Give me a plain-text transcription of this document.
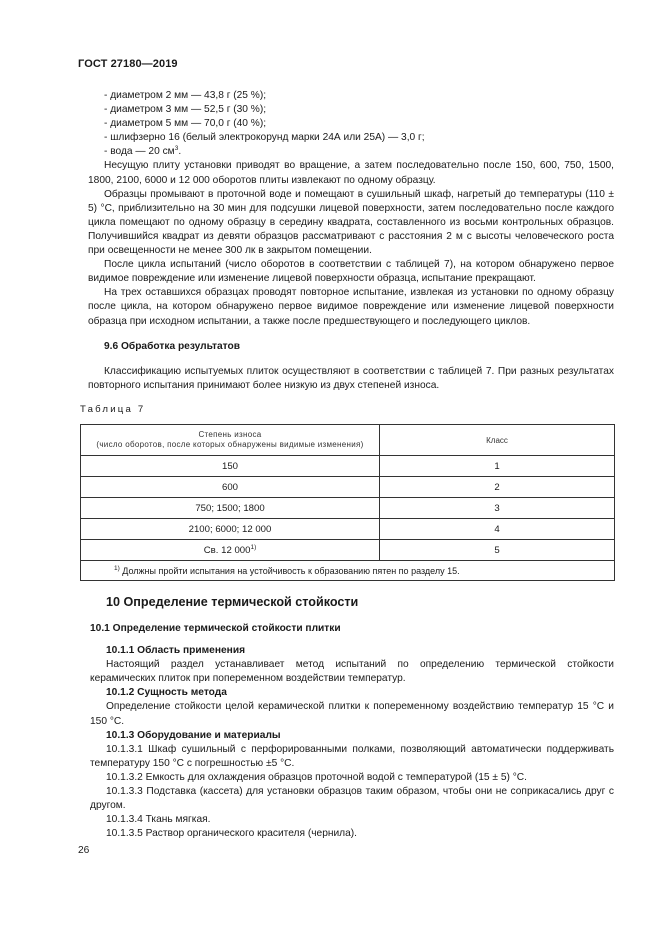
ГОСТ 27180—2019

- диаметром 2 мм — 43,8 г (25 %);

- диаметром 3 мм — 52,5 г (30 %);

- диаметром 5 мм — 70,0 г (40 %);

- шлифзерно 16 (белый электрокорунд марки 24А или 25А) — 3,0 г;

- вода — 20 $см^3$.

Несущую плиту установки приводят во вращение, а затем последовательно после 150, 600, 750, 1500, 1800, 2100, 6000 и 12 000 оборотов плиты извлекают по одному образцу.

Образцы промывают в проточной воде и помещают в сушильный шкаф, нагретый до температуры (110 ± 5) °С, приблизительно на 30 мин для подсушки лицевой поверхности, затем последовательно после каждого цикла помещают по одному образцу в середину квадрата, составленного из восьми контрольных образцов. Получившийся квадрат из девяти образцов рассматривают с расстояния 2 м с высоты человеческого роста при освещенности не менее 300 лк в закрытом помещении.

После цикла испытаний (число оборотов в соответствии с таблицей 7), на котором обнаружено первое видимое повреждение или изменение лицевой поверхности образца, испытание прекращают.

На трех оставшихся образцах проводят повторное испытание, извлекая из установки по одному образцу после цикла, на котором обнаружено первое видимое повреждение или изменение лицевой поверхности образца при исходном испытании, а также после предшествующего и последующего циклов.

9.6 Обработка результатов

Классификацию испытуемых плиток осуществляют в соответствии с таблицей 7. При разных результатах повторного испытания принимают более низкую из двух степеней износа.

Таблица 7
Степень износа
(число оборотов, после которых обнаружены видимые изменения)	Класс
150	1
600	2
750; 1500; 1800	3
2100; 6000; 12 000	4
Св. 12 000$^{1)}$	5
$^{1)}$ Должны пройти испытания на устойчивость к образованию пятен по разделу 15.	
10 Определение термической стойкости

10.1 Определение термической стойкости плитки

10.1.1 Область применения

Настоящий раздел устанавливает метод испытаний по определению термической стойкости керамических плиток при попеременном воздействии температур.

10.1.2 Сущность метода

Определение стойкости целой керамической плитки к попеременному воздействию температур 15 °С и 150 °С.

10.1.3 Оборудование и материалы

10.1.3.1 Шкаф сушильный с перфорированными полками, позволяющий автоматически поддерживать температуру 150 °С с погрешностью ±5 °С.

10.1.3.2 Емкость для охлаждения образцов проточной водой с температурой (15 ± 5) °С.

10.1.3.3 Подставка (кассета) для установки образцов таким образом, чтобы они не соприкасались друг с другом.

10.1.3.4 Ткань мягкая.

10.1.3.5 Раствор органического красителя (чернила).

26
